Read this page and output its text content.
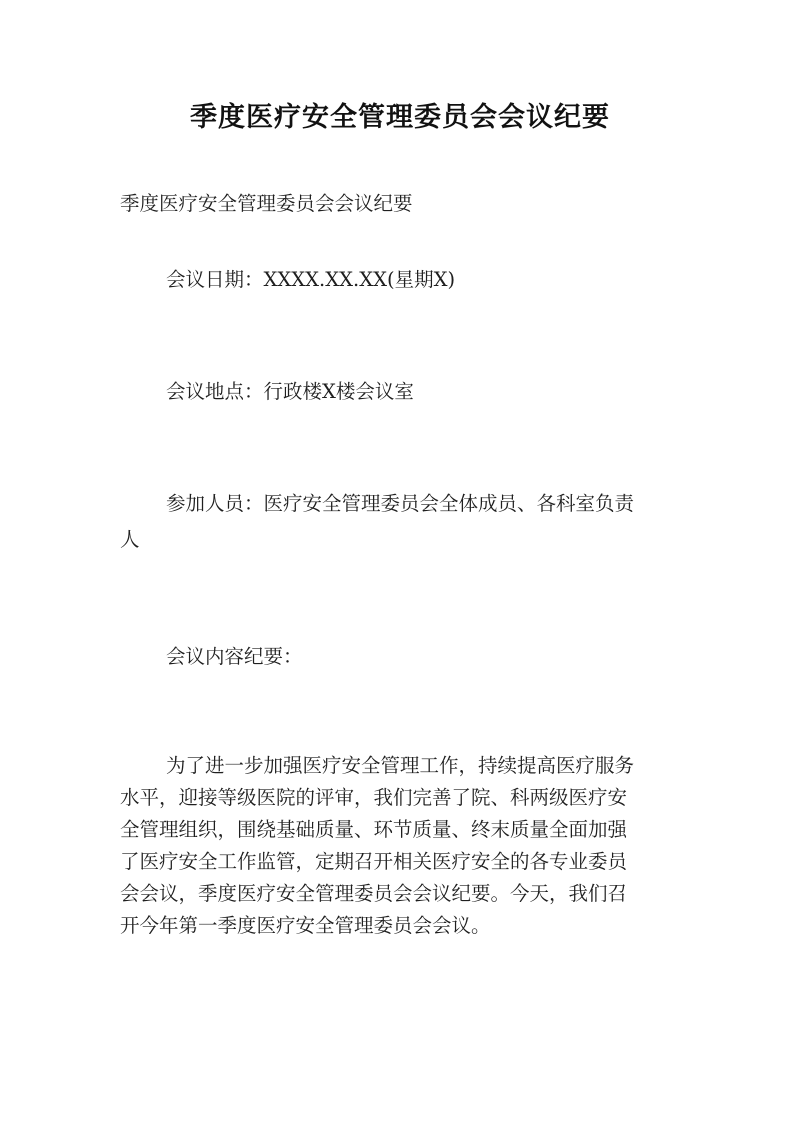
季度医疗安全管理委员会会议纪要
季度医疗安全管理委员会会议纪要
会议日期：XXXX.XX.XX(星期X)
会议地点：行政楼X楼会议室
参加人员：医疗安全管理委员会全体成员、各科室负责
人
会议内容纪要：
为了进一步加强医疗安全管理工作，持续提高医疗服务
水平，迎接等级医院的评审，我们完善了院、科两级医疗安
全管理组织，围绕基础质量、环节质量、终末质量全面加强
了医疗安全工作监管，定期召开相关医疗安全的各专业委员
会会议，季度医疗安全管理委员会会议纪要。今天，我们召
开今年第一季度医疗安全管理委员会会议。
